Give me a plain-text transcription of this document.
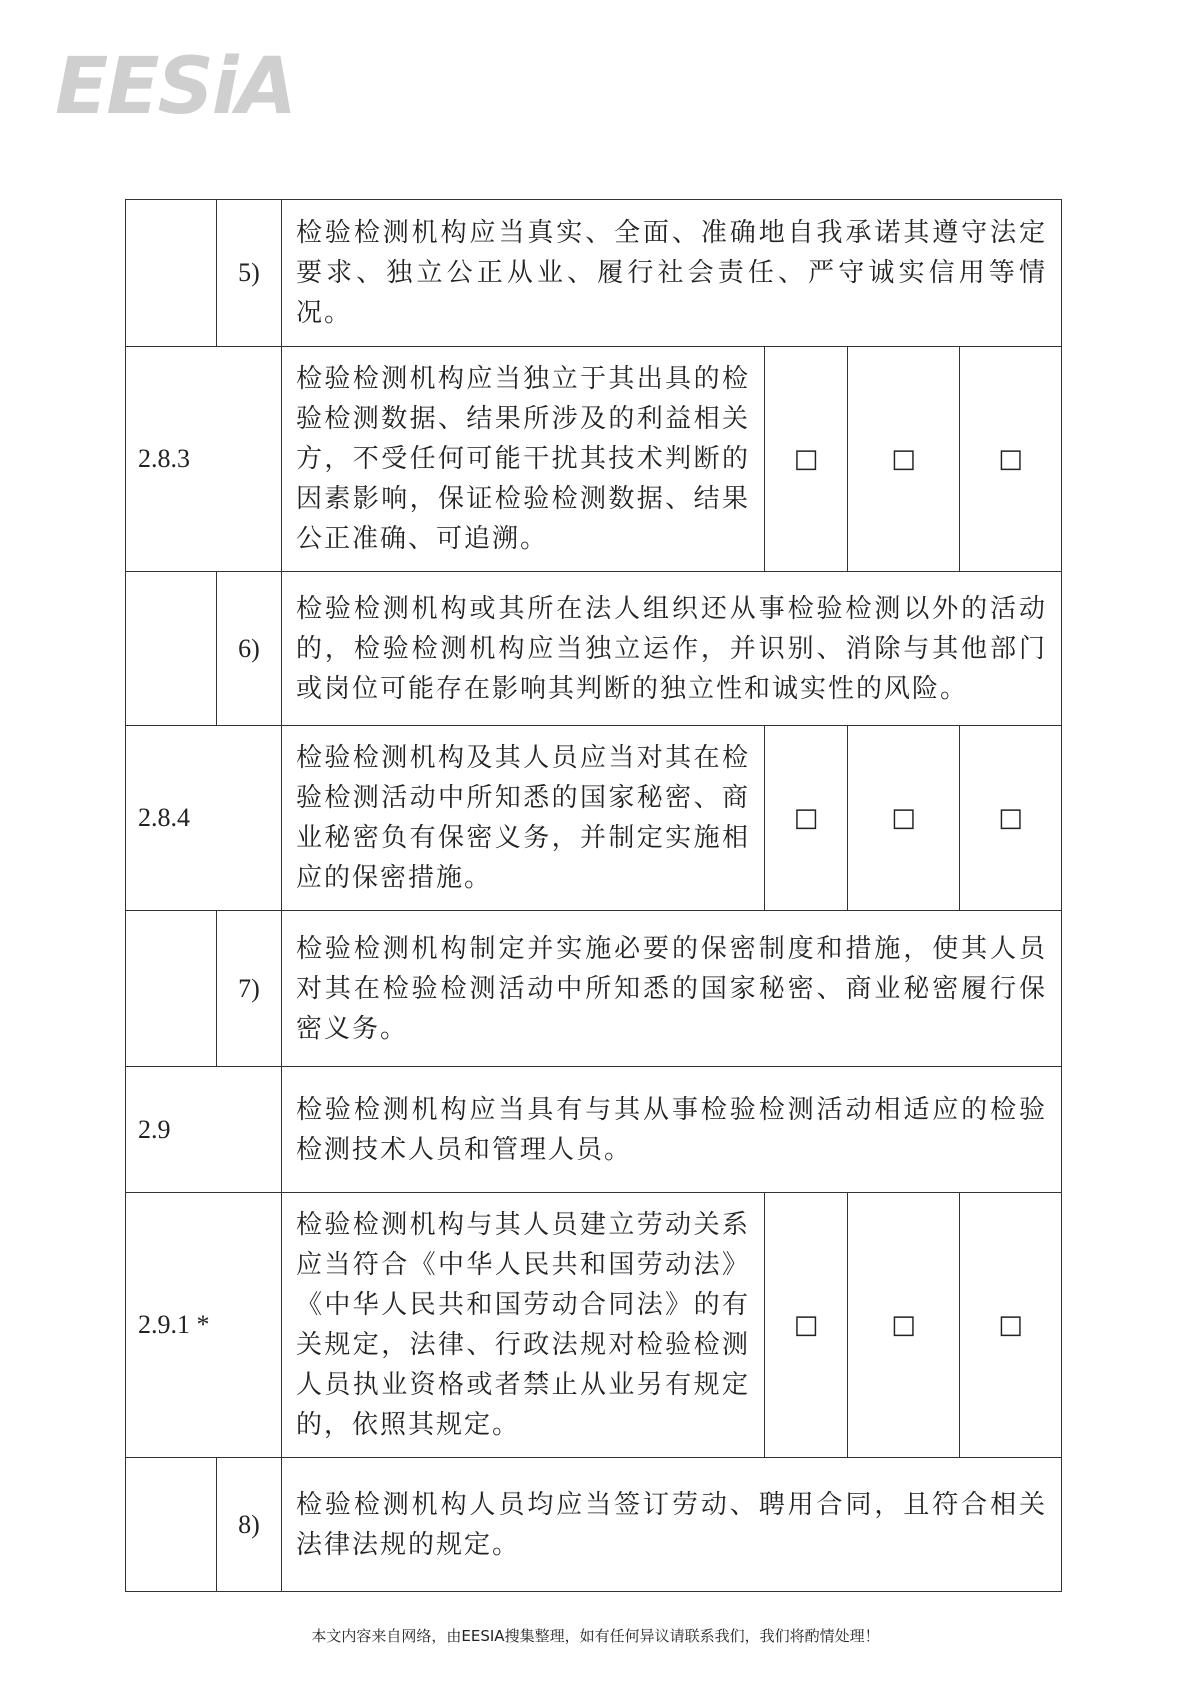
EESiA
	5)	检验检测机构应当真实、全面、准确地自我承诺其遵守法定要求、独立公正从业、履行社会责任、严守诚实信用等情况。			
2.8.3		检验检测机构应当独立于其出具的检验检测数据、结果所涉及的利益相关方，不受任何可能干扰其技术判断的因素影响，保证检验检测数据、结果公正准确、可追溯。	□	□	□
	6)	检验检测机构或其所在法人组织还从事检验检测以外的活动的，检验检测机构应当独立运作，并识别、消除与其他部门或岗位可能存在影响其判断的独立性和诚实性的风险。			
2.8.4		检验检测机构及其人员应当对其在检验检测活动中所知悉的国家秘密、商业秘密负有保密义务，并制定实施相应的保密措施。	□	□	□
	7)	检验检测机构制定并实施必要的保密制度和措施，使其人员对其在检验检测活动中所知悉的国家秘密、商业秘密履行保密义务。			
2.9		检验检测机构应当具有与其从事检验检测活动相适应的检验检测技术人员和管理人员。			
2.9.1 *		检验检测机构与其人员建立劳动关系应当符合《中华人民共和国劳动法》《中华人民共和国劳动合同法》的有关规定，法律、行政法规对检验检测人员执业资格或者禁止从业另有规定的，依照其规定。	□	□	□
	8)	检验检测机构人员均应当签订劳动、聘用合同，且符合相关法律法规的规定。			
本文内容来自网络，由EESIA搜集整理，如有任何异议请联系我们，我们将酌情处理！
